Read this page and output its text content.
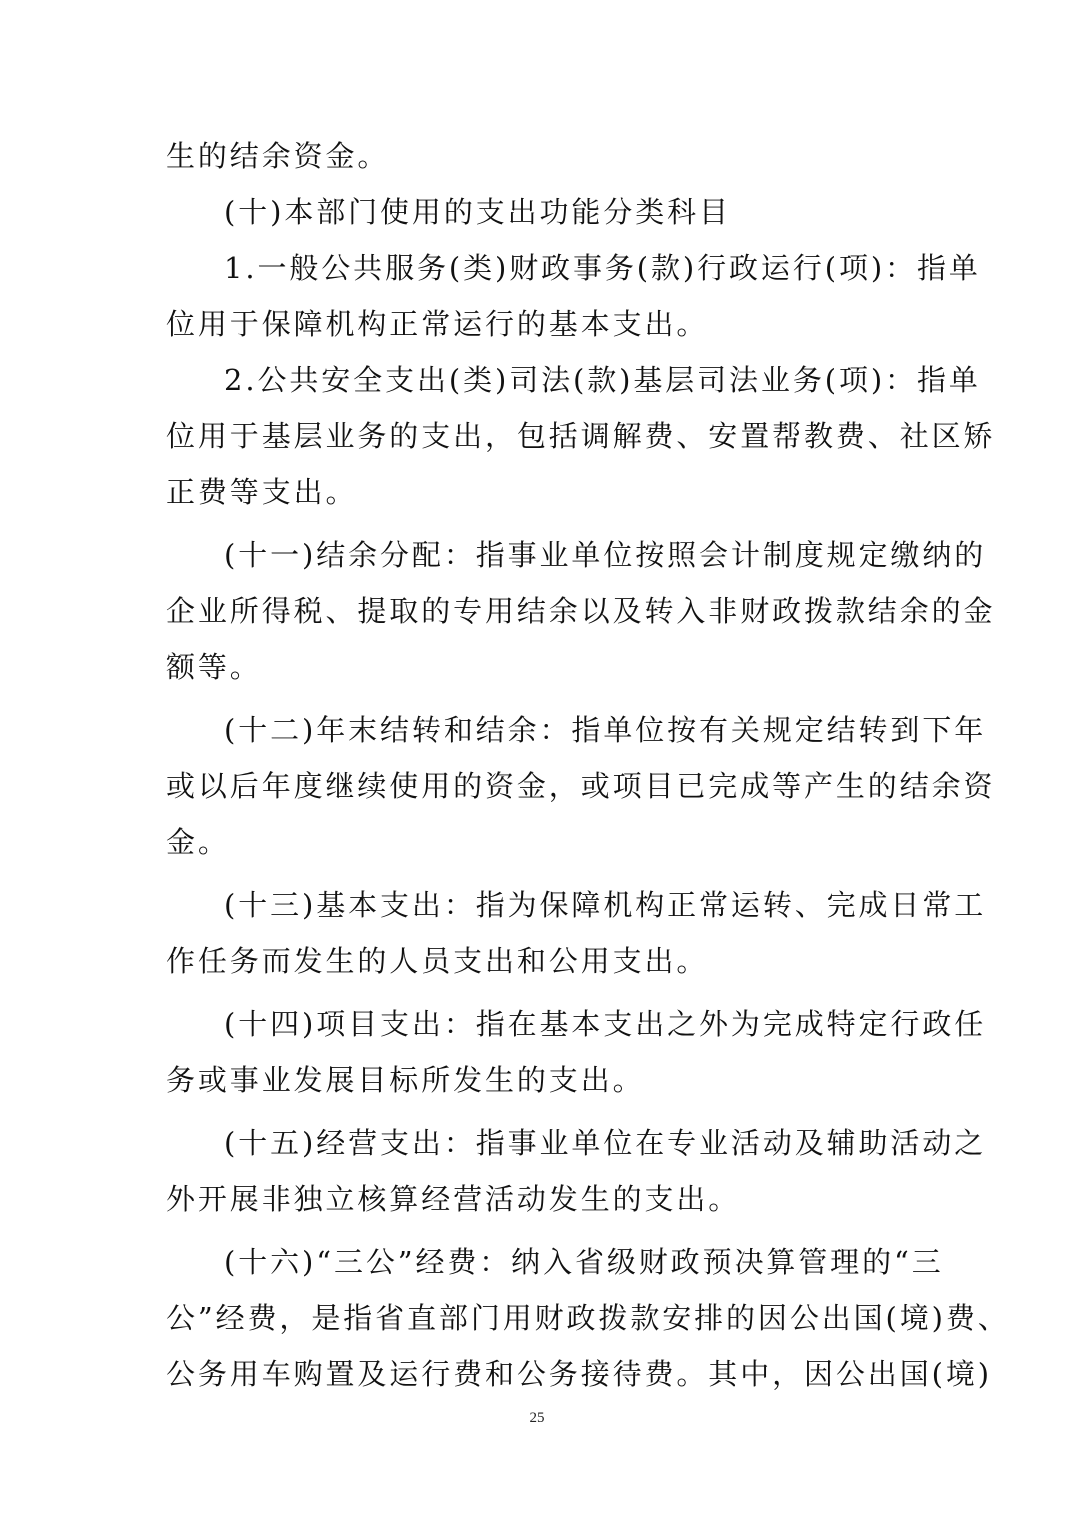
生的结余资金。
(十)本部门使用的支出功能分类科目
1.一般公共服务(类)财政事务(款)行政运行(项)：指单
位用于保障机构正常运行的基本支出。
2.公共安全支出(类)司法(款)基层司法业务(项)：指单
位用于基层业务的支出，包括调解费、安置帮教费、社区矫
正费等支出。
(十一)结余分配：指事业单位按照会计制度规定缴纳的
企业所得税、提取的专用结余以及转入非财政拨款结余的金
额等。
(十二)年末结转和结余：指单位按有关规定结转到下年
或以后年度继续使用的资金，或项目已完成等产生的结余资
金。
(十三)基本支出：指为保障机构正常运转、完成日常工
作任务而发生的人员支出和公用支出。
(十四)项目支出：指在基本支出之外为完成特定行政任
务或事业发展目标所发生的支出。
(十五)经营支出：指事业单位在专业活动及辅助活动之
外开展非独立核算经营活动发生的支出。
(十六)“三公”经费：纳入省级财政预决算管理的“三
公”经费，是指省直部门用财政拨款安排的因公出国(境)费、
公务用车购置及运行费和公务接待费。其中，因公出国(境)
25
